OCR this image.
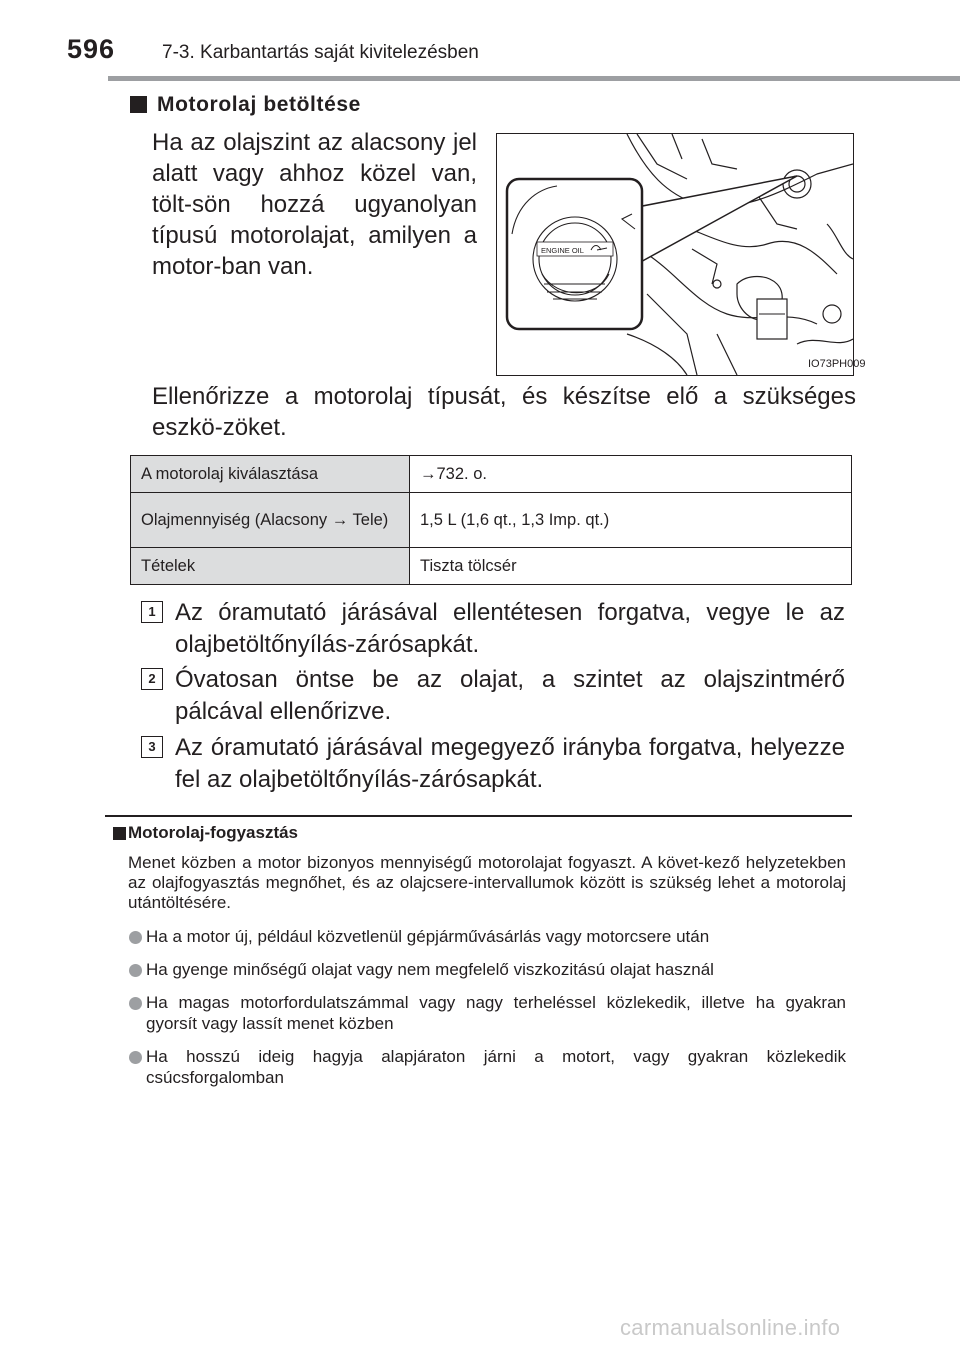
596 7-3. Karbantartás saját kivitelezésben
Motorolaj betöltése
Ha az olajszint az alacsony jel alatt vagy ahhoz közel van, tölt-sön hozzá ugyanolyan típusú motorolajat, amilyen a motor-ban van.
ENGINE OIL
IO73PH009
Ellenőrizze a motorolaj típusát, és készítse elő a szükséges eszkö-zöket.
A motorolaj kiválasztása	→732. o.
Olajmennyiség (Alacsony → Tele)	1,5 L (1,6 qt., 1,3 Imp. qt.)
Tételek	Tiszta tölcsér
1 Az óramutató járásával ellentétesen forgatva, vegye le az olajbetöltőnyílás-zárósapkát.
2 Óvatosan öntse be az olajat, a szintet az olajszintmérő pálcával ellenőrizve.
3 Az óramutató járásával megegyező irányba forgatva, helyezze fel az olajbetöltőnyílás-zárósapkát.
Motorolaj-fogyasztás
Menet közben a motor bizonyos mennyiségű motorolajat fogyaszt. A követ-kező helyzetekben az olajfogyasztás megnőhet, és az olajcsere-intervallumok között is szükség lehet a motorolaj utántöltésére.
Ha a motor új, például közvetlenül gépjárművásárlás vagy motorcsere után
Ha gyenge minőségű olajat vagy nem megfelelő viszkozitású olajat használ
Ha magas motorfordulatszámmal vagy nagy terheléssel közlekedik, illetve ha gyakran gyorsít vagy lassít menet közben
Ha hosszú ideig hagyja alapjáraton járni a motort, vagy gyakran közlekedik csúcsforgalomban
carmanualsonline.info
